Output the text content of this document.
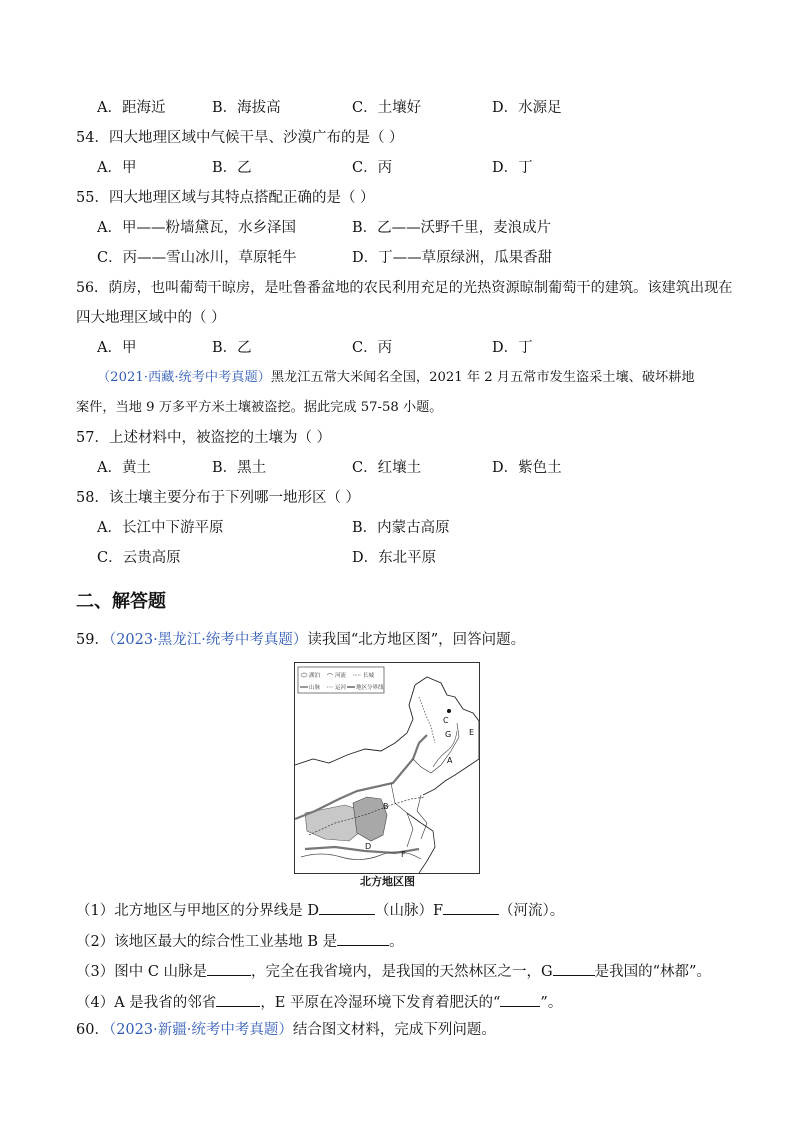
A．距海近	B．海拔高	C．土壤好	D．水源足
54．四大地理区域中气候干旱、沙漠广布的是（ ）
A．甲	B．乙	C．丙	D．丁
55．四大地理区域与其特点搭配正确的是（ ）
A．甲——粉墙黛瓦，水乡泽国	B．乙——沃野千里，麦浪成片
C．丙——雪山冰川，草原牦牛	D．丁——草原绿洲，瓜果香甜
56．荫房，也叫葡萄干晾房，是吐鲁番盆地的农民利用充足的光热资源晾制葡萄干的建筑。该建筑出现在
四大地理区域中的（ ）
A．甲	B．乙	C．丙	D．丁
（2021·西藏·统考中考真题）黑龙江五常大米闻名全国，2021 年 2 月五常市发生盗采土壤、破坏耕地
案件，当地 9 万多平方米土壤被盗挖。据此完成 57-58 小题。
57．上述材料中，被盗挖的土壤为（ ）
A．黄土	B．黑土	C．红壤土	D．紫色土
58．该土壤主要分布于下列哪一地形区（ ）
A．长江中下游平原	B．内蒙古高原
C．云贵高原	D．东北平原
二、解答题
59．（2023·黑龙江·统考中考真题）读我国“北方地区图”，回答问题。
湖泊	河流	长城
山脉	运河 地区分界线
C
G E
A
B
F
D
北方地区图
（1）北方地区与甲地区的分界线是 D	（山脉）F	（河流）。
（2）该地区最大的综合性工业基地 B 是	。
（3）图中 C 山脉是	，完全在我省境内，是我国的天然林区之一，G	是我国的“林都”。
（4）A 是我省的邻省	，E 平原在冷湿环境下发育着肥沃的“	”。
60．（2023·新疆·统考中考真题）结合图文材料，完成下列问题。
